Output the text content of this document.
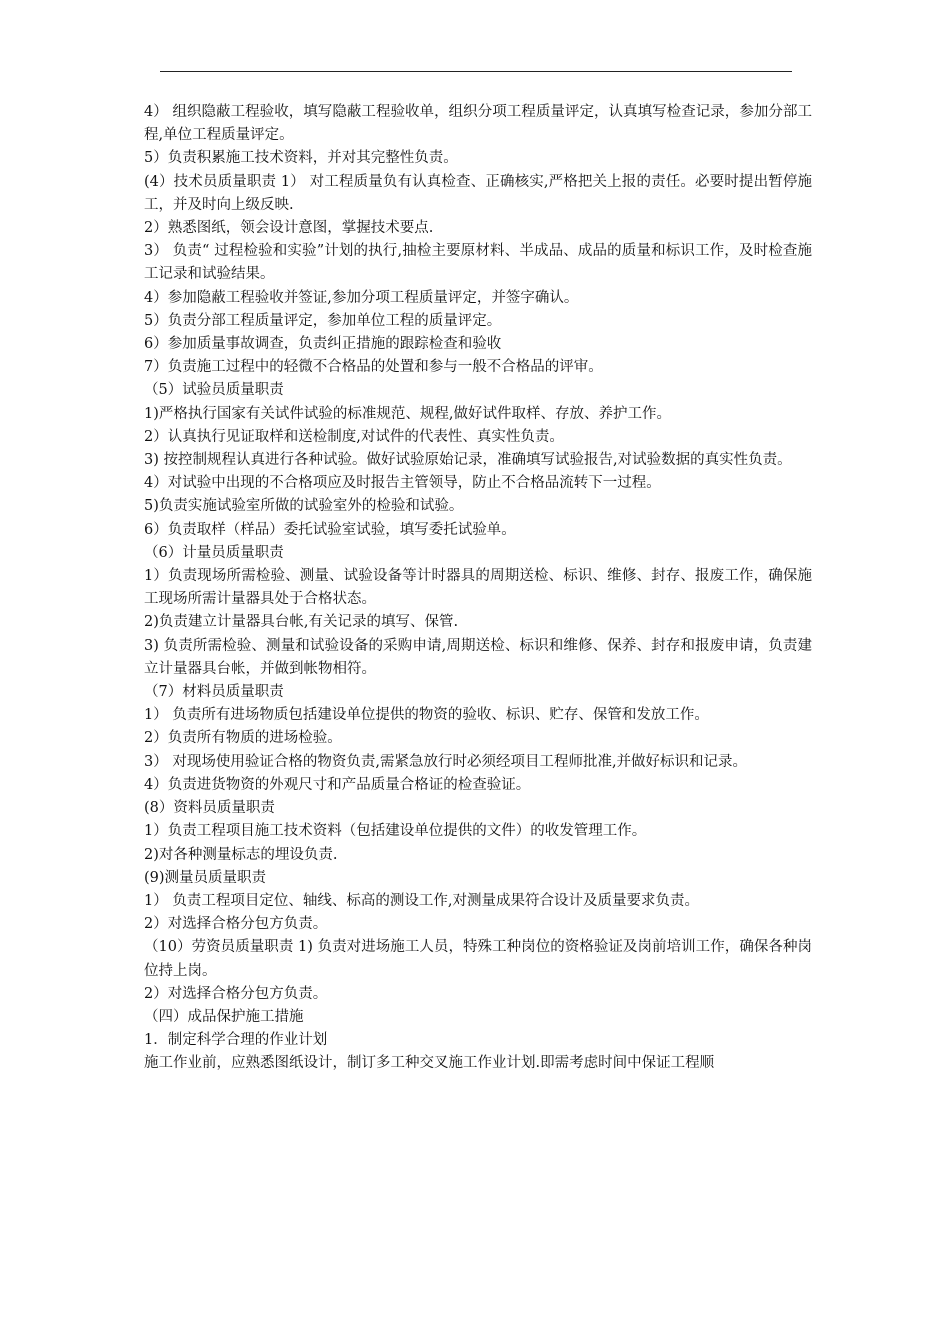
4） 组织隐蔽工程验收，填写隐蔽工程验收单，组织分项工程质量评定，认真填写检查记录，参加分部工程,单位工程质量评定。

5）负责积累施工技术资料，并对其完整性负责。

(4）技术员质量职责 1） 对工程质量负有认真检查、正确核实,严格把关上报的责任。必要时提出暂停施工，并及时向上级反映.

2）熟悉图纸，领会设计意图，掌握技术要点.

3） 负责“ 过程检验和实验”计划的执行,抽检主要原材料、半成品、成品的质量和标识工作，及时检查施工记录和试验结果。

4）参加隐蔽工程验收并签证,参加分项工程质量评定，并签字确认。

5）负责分部工程质量评定，参加单位工程的质量评定。

6）参加质量事故调查，负责纠正措施的跟踪检查和验收

7）负责施工过程中的轻微不合格品的处置和参与一般不合格品的评审。

（5）试验员质量职责

1)严格执行国家有关试件试验的标准规范、规程,做好试件取样、存放、养护工作。

2）认真执行见证取样和送检制度,对试件的代表性、真实性负责。

3) 按控制规程认真进行各种试验。做好试验原始记录，准确填写试验报告,对试验数据的真实性负责。

4）对试验中出现的不合格项应及时报告主管领导，防止不合格品流转下一过程。

5)负责实施试验室所做的试验室外的检验和试验。

6）负责取样（样品）委托试验室试验，填写委托试验单。

（6）计量员质量职责

1）负责现场所需检验、测量、试验设备等计时器具的周期送检、标识、维修、封存、报废工作，确保施工现场所需计量器具处于合格状态。

2)负责建立计量器具台帐,有关记录的填写、保管.

3) 负责所需检验、测量和试验设备的采购申请,周期送检、标识和维修、保养、封存和报废申请，负责建立计量器具台帐，并做到帐物相符。

（7）材料员质量职责

1） 负责所有进场物质包括建设单位提供的物资的验收、标识、贮存、保管和发放工作。

2）负责所有物质的进场检验。

3） 对现场使用验证合格的物资负责,需紧急放行时必须经项目工程师批准,并做好标识和记录。

4）负责进货物资的外观尺寸和产品质量合格证的检查验证。

(8）资料员质量职责

1）负责工程项目施工技术资料（包括建设单位提供的文件）的收发管理工作。

2)对各种测量标志的埋设负责.

(9)测量员质量职责

1） 负责工程项目定位、轴线、标高的测设工作,对测量成果符合设计及质量要求负责。

2）对选择合格分包方负责。

（10）劳资员质量职责 1) 负责对进场施工人员，特殊工种岗位的资格验证及岗前培训工作，确保各种岗位持上岗。

2）对选择合格分包方负责。

（四）成品保护施工措施

1．制定科学合理的作业计划

施工作业前，应熟悉图纸设计，制订多工种交叉施工作业计划.即需考虑时间中保证工程顺
